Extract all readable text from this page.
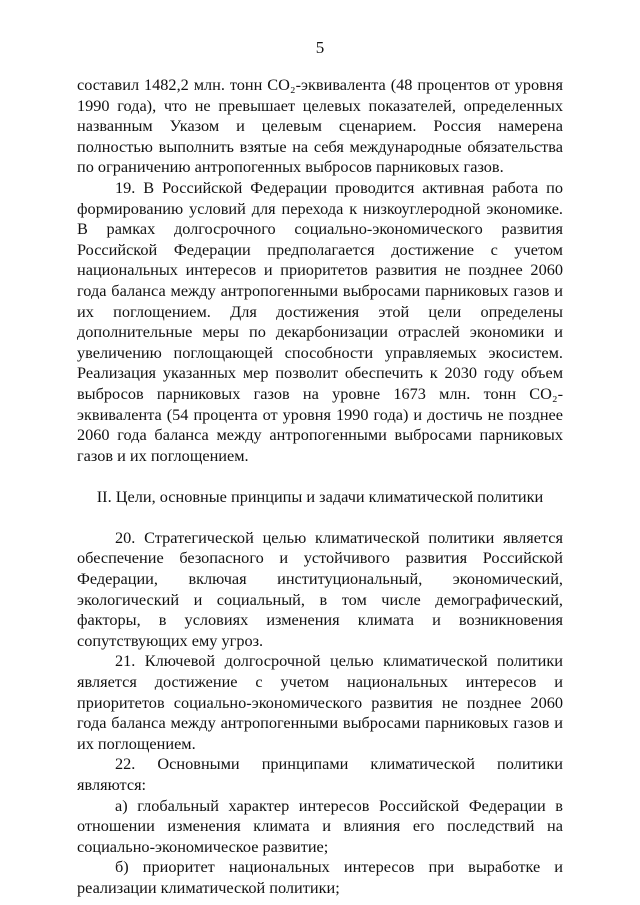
5

составил 1482,2 млн. тонн CO₂-эквивалента (48 процентов от уровня 1990 года), что не превышает целевых показателей, определенных названным Указом и целевым сценарием. Россия намерена полностью выполнить взятые на себя международные обязательства по ограничению антропогенных выбросов парниковых газов.

19. В Российской Федерации проводится активная работа по формированию условий для перехода к низкоуглеродной экономике. В рамках долгосрочного социально-экономического развития Российской Федерации предполагается достижение с учетом национальных интересов и приоритетов развития не позднее 2060 года баланса между антропогенными выбросами парниковых газов и их поглощением. Для достижения этой цели определены дополнительные меры по декарбонизации отраслей экономики и увеличению поглощающей способности управляемых экосистем. Реализация указанных мер позволит обеспечить к 2030 году объем выбросов парниковых газов на уровне 1673 млн. тонн CO₂-эквивалента (54 процента от уровня 1990 года) и достичь не позднее 2060 года баланса между антропогенными выбросами парниковых газов и их поглощением.

II. Цели, основные принципы и задачи климатической политики

20. Стратегической целью климатической политики является обеспечение безопасного и устойчивого развития Российской Федерации, включая институциональный, экономический, экологический и социальный, в том числе демографический, факторы, в условиях изменения климата и возникновения сопутствующих ему угроз.

21. Ключевой долгосрочной целью климатической политики является достижение с учетом национальных интересов и приоритетов социально-экономического развития не позднее 2060 года баланса между антропогенными выбросами парниковых газов и их поглощением.

22. Основными принципами климатической политики являются:

а) глобальный характер интересов Российской Федерации в отношении изменения климата и влияния его последствий на социально-экономическое развитие;

б) приоритет национальных интересов при выработке и реализации климатической политики;
